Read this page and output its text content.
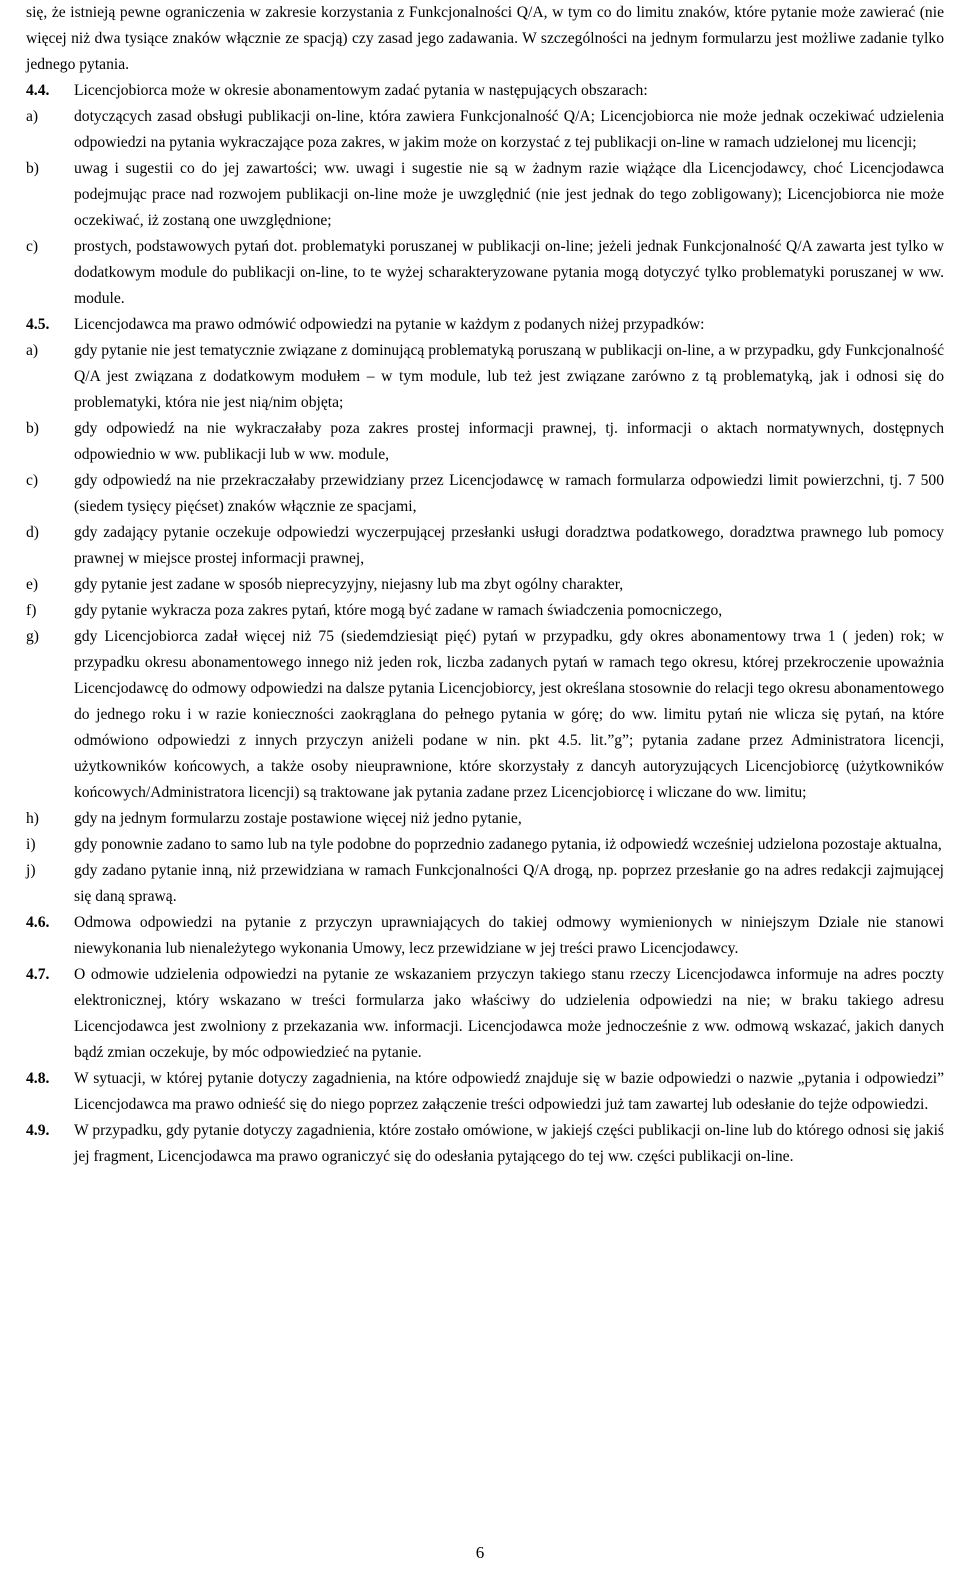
się, że istnieją pewne ograniczenia w zakresie korzystania z Funkcjonalności Q/A, w tym co do limitu znaków, które pytanie może zawierać (nie więcej niż dwa tysiące znaków włącznie ze spacją) czy zasad jego zadawania. W szczególności na jednym formularzu jest możliwe zadanie tylko jednego pytania.

4.4. Licencjobiorca może w okresie abonamentowym zadać pytania w następujących obszarach:

a) dotyczących zasad obsługi publikacji on-line, która zawiera Funkcjonalność Q/A; Licencjobiorca nie może jednak oczekiwać udzielenia odpowiedzi na pytania wykraczające poza zakres, w jakim może on korzystać z tej publikacji on-line w ramach udzielonej mu licencji;

b) uwag i sugestii co do jej zawartości; ww. uwagi i sugestie nie są w żadnym razie wiążące dla Licencjodawcy, choć Licencjodawca podejmując prace nad rozwojem publikacji on-line może je uwzględnić (nie jest jednak do tego zobligowany); Licencjobiorca nie może oczekiwać, iż zostaną one uwzględnione;

c) prostych, podstawowych pytań dot. problematyki poruszanej w publikacji on-line; jeżeli jednak Funkcjonalność Q/A zawarta jest tylko w dodatkowym module do publikacji on-line, to te wyżej scharakteryzowane pytania mogą dotyczyć tylko problematyki poruszanej w ww. module.

4.5. Licencjodawca ma prawo odmówić odpowiedzi na pytanie w każdym z podanych niżej przypadków:

a) gdy pytanie nie jest tematycznie związane z dominującą problematyką poruszaną w publikacji on-line, a w przypadku, gdy Funkcjonalność Q/A jest związana z dodatkowym modułem – w tym module, lub też jest związane zarówno z tą problematyką, jak i odnosi się do problematyki, która nie jest nią/nim objęta;

b) gdy odpowiedź na nie wykraczałaby poza zakres prostej informacji prawnej, tj. informacji o aktach normatywnych, dostępnych odpowiednio w ww. publikacji lub w ww. module,

c) gdy odpowiedź na nie przekraczałaby przewidziany przez Licencjodawcę w ramach formularza odpowiedzi limit powierzchni, tj. 7 500 (siedem tysięcy pięćset) znaków włącznie ze spacjami,

d) gdy zadający pytanie oczekuje odpowiedzi wyczerpującej przesłanki usługi doradztwa podatkowego, doradztwa prawnego lub pomocy prawnej w miejsce prostej informacji prawnej,

e) gdy pytanie jest zadane w sposób nieprecyzyjny, niejasny lub ma zbyt ogólny charakter,

f) gdy pytanie wykracza poza zakres pytań, które mogą być zadane w ramach świadczenia pomocniczego,

g) gdy Licencjobiorca zadał więcej niż 75 (siedemdziesiąt pięć) pytań w przypadku, gdy okres abonamentowy trwa 1 ( jeden) rok; w przypadku okresu abonamentowego innego niż jeden rok, liczba zadanych pytań w ramach tego okresu, której przekroczenie upoważnia Licencjodawcę do odmowy odpowiedzi na dalsze pytania Licencjobiorcy, jest określana stosownie do relacji tego okresu abonamentowego do jednego roku i w razie konieczności zaokrąglana do pełnego pytania w górę; do ww. limitu pytań nie wlicza się pytań, na które odmówiono odpowiedzi z innych przyczyn aniżeli podane w nin. pkt 4.5. lit.”g”; pytania zadane przez Administratora licencji, użytkowników końcowych, a także osoby nieuprawnione, które skorzystały z dancyh autoryzujących Licencjobiorcę (użytkowników końcowych/Administratora licencji) są traktowane jak pytania zadane przez Licencjobiorcę i wliczane do ww. limitu;

h) gdy na jednym formularzu zostaje postawione więcej niż jedno pytanie,

i) gdy ponownie zadano to samo lub na tyle podobne do poprzednio zadanego pytania, iż odpowiedź wcześniej udzielona pozostaje aktualna,

j) gdy zadano pytanie inną, niż przewidziana w ramach Funkcjonalności Q/A drogą, np. poprzez przesłanie go na adres redakcji zajmującej się daną sprawą.

4.6. Odmowa odpowiedzi na pytanie z przyczyn uprawniających do takiej odmowy wymienionych w niniejszym Dziale nie stanowi niewykonania lub nienależytego wykonania Umowy, lecz przewidziane w jej treści prawo Licencjodawcy.

4.7. O odmowie udzielenia odpowiedzi na pytanie ze wskazaniem przyczyn takiego stanu rzeczy Licencjodawca informuje na adres poczty elektronicznej, który wskazano w treści formularza jako właściwy do udzielenia odpowiedzi na nie; w braku takiego adresu Licencjodawca jest zwolniony z przekazania ww. informacji. Licencjodawca może jednocześnie z ww. odmową wskazać, jakich danych bądź zmian oczekuje, by móc odpowiedzieć na pytanie.

4.8. W sytuacji, w której pytanie dotyczy zagadnienia, na które odpowiedź znajduje się w bazie odpowiedzi o nazwie „pytania i odpowiedzi” Licencjodawca ma prawo odnieść się do niego poprzez załączenie treści odpowiedzi już tam zawartej lub odesłanie do tejże odpowiedzi.

4.9. W przypadku, gdy pytanie dotyczy zagadnienia, które zostało omówione, w jakiejś części publikacji on-line lub do którego odnosi się jakiś jej fragment, Licencjodawca ma prawo ograniczyć się do odesłania pytającego do tej ww. części publikacji on-line.

6
